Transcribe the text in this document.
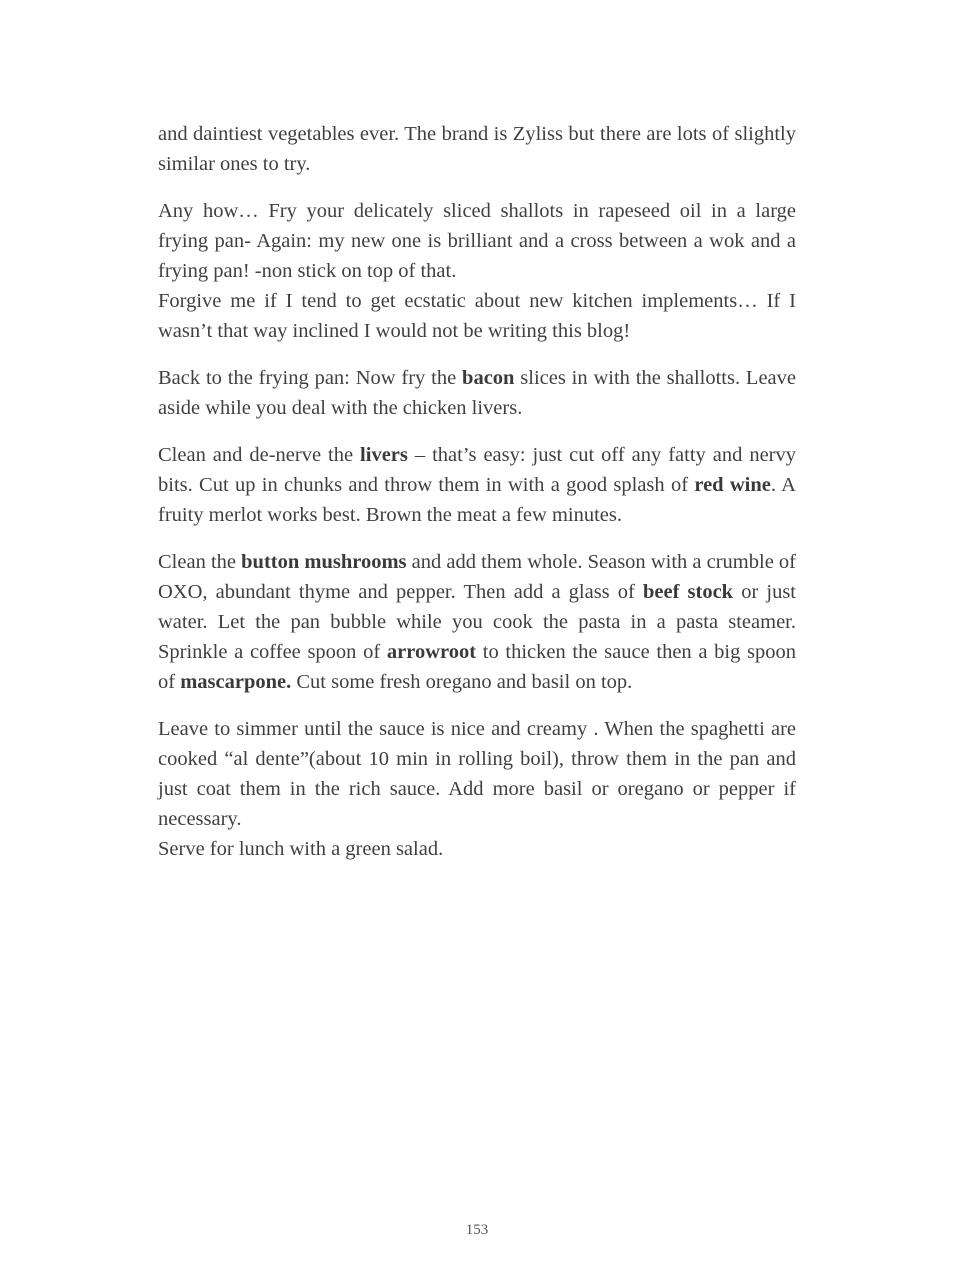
and daintiest vegetables ever. The brand is Zyliss but there are lots of slightly similar ones to try.

Any how… Fry your delicately sliced shallots in rapeseed oil in a large frying pan- Again: my new one is brilliant and a cross between a wok and a frying pan! -non stick on top of that.
Forgive me if I tend to get ecstatic about new kitchen implements… If I wasn’t that way inclined I would not be writing this blog!

Back to the frying pan: Now fry the bacon slices in with the shallotts. Leave aside while you deal with the chicken livers.

Clean and de-nerve the livers – that’s easy: just cut off any fatty and nervy bits. Cut up in chunks and throw them in with a good splash of red wine. A fruity merlot works best. Brown the meat a few minutes.

Clean the button mushrooms and add them whole. Season with a crumble of OXO, abundant thyme and pepper. Then add a glass of beef stock or just water. Let the pan bubble while you cook the pasta in a pasta steamer. Sprinkle a coffee spoon of arrowroot to thicken the sauce then a big spoon of mascarpone. Cut some fresh oregano and basil on top.

Leave to simmer until the sauce is nice and creamy . When the spaghetti are cooked “al dente”(about 10 min in rolling boil), throw them in the pan and just coat them in the rich sauce. Add more basil or oregano or pepper if necessary.
Serve for lunch with a green salad.

153
